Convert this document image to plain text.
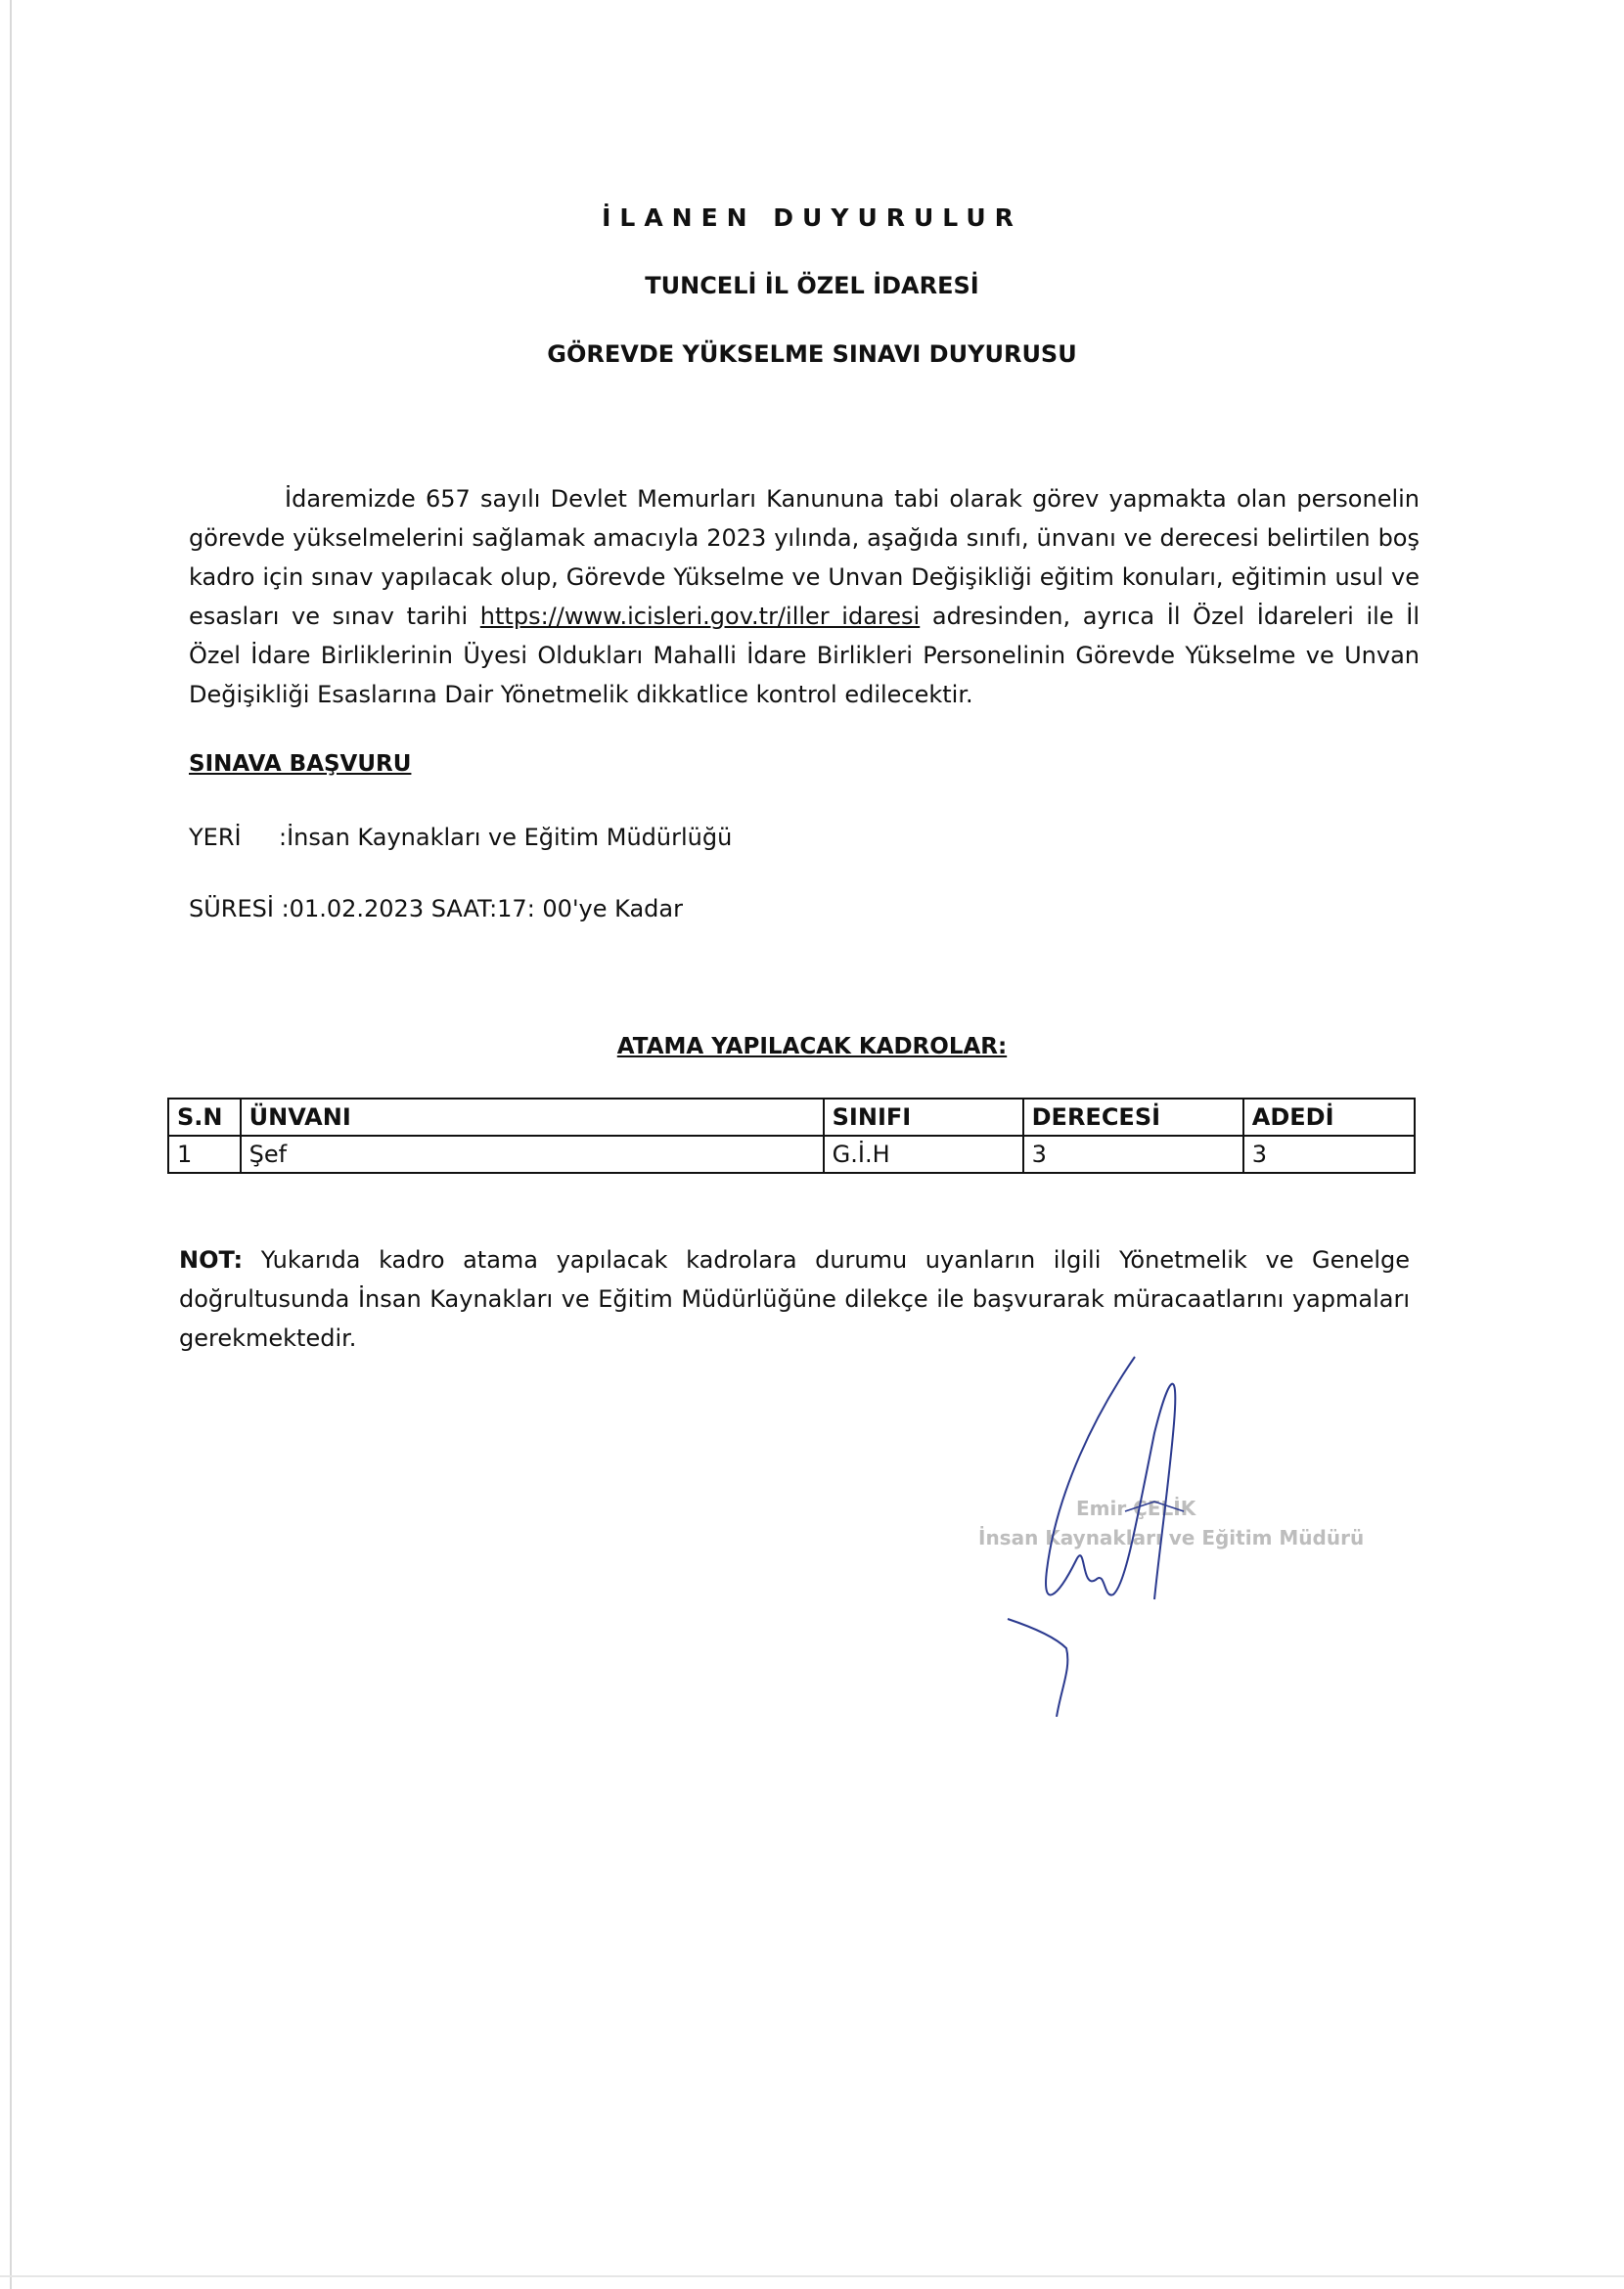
İLANEN DUYURULUR
TUNCELİ İL ÖZEL İDARESİ
GÖREVDE YÜKSELME SINAVI DUYURUSU

İdaremizde 657 sayılı Devlet Memurları Kanununa tabi olarak görev yapmakta olan personelin görevde yükselmelerini sağlamak amacıyla 2023 yılında, aşağıda sınıfı, ünvanı ve derecesi belirtilen boş kadro için sınav yapılacak olup, Görevde Yükselme ve Unvan Değişikliği eğitim konuları, eğitimin usul ve esasları ve sınav tarihi https://www.icisleri.gov.tr/iller idaresi adresinden, ayrıca İl Özel İdareleri ile İl Özel İdare Birliklerinin Üyesi Oldukları Mahalli İdare Birlikleri Personelinin Görevde Yükselme ve Unvan Değişikliği Esaslarına Dair Yönetmelik dikkatlice kontrol edilecektir.

SINAVA BAŞVURU
YERİ :İnsan Kaynakları ve Eğitim Müdürlüğü
SÜRESİ :01.02.2023 SAAT:17: 00'ye Kadar
ATAMA YAPILACAK KADROLAR:
S.N	ÜNVANI	SINIFI	DERECESİ	ADEDİ
1	Şef	G.İ.H	3	3
NOT: Yukarıda kadro atama yapılacak kadrolara durumu uyanların ilgili Yönetmelik ve Genelge doğrultusunda İnsan Kaynakları ve Eğitim Müdürlüğüne dilekçe ile başvurarak müracaatlarını yapmaları gerekmektedir.
Emir ÇELİK
İnsan Kaynakları ve Eğitim Müdürü
